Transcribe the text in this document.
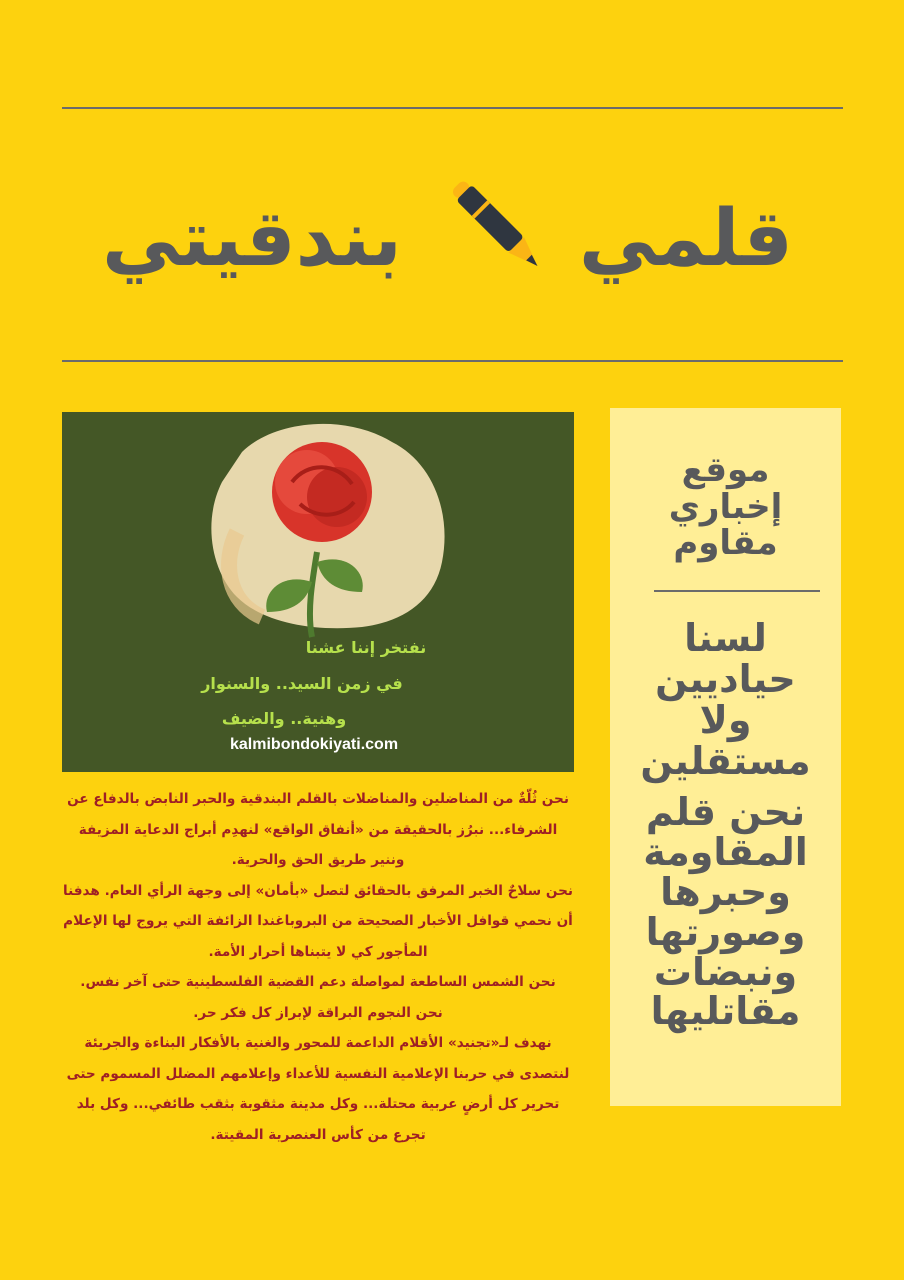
قلمي
بندقيتي
نفتخر إننا عشنا
في زمن السيد.. والسنوار
وهنية.. والضيف
kalmibondokiyati.com
موقع
إخباري
مقاوم
لسنا
حياديين
ولا مستقلين
نحن قلم
المقاومة
وحبرها
وصورتها
ونبضات
مقاتليها

نحن ثُلّةٌ من المناضلين والمناضلات بالقلم البندقية والحبر النابض بالدفاع عن الشرفاء... نبرُز بالحقيقة من «أنفاق الواقع» لنهدِم أبراج الدعاية المزيفة وننير طريق الحق والحرية.

نحن سلاحٌ الخبر المرفق بالحقائق لتصل «بأمان» إلى وجهة الرأي العام. هدفنا أن نحمي قوافل الأخبار الصحيحة من البروباغندا الزائفة التي يروج لها الإعلام المأجور كي لا يتبناها أحرار الأمة.

نحن الشمس الساطعة لمواصلة دعم القضية الفلسطينية حتى آخر نفس.

نحن النجوم البراقة لإبراز كل فكر حر.

نهدف لـ«تجنيد» الأقلام الداعمة للمحور والغنية بالأفكار البناءة والجريئة لنتصدى في حربنا الإعلامية النفسية للأعداء وإعلامهم المضلل المسموم حتى تحرير كل أرضٍ عربية محتلة... وكل مدينة مثقوبة بثقب طائفي... وكل بلد تجرع من كأس العنصرية المقيتة.
